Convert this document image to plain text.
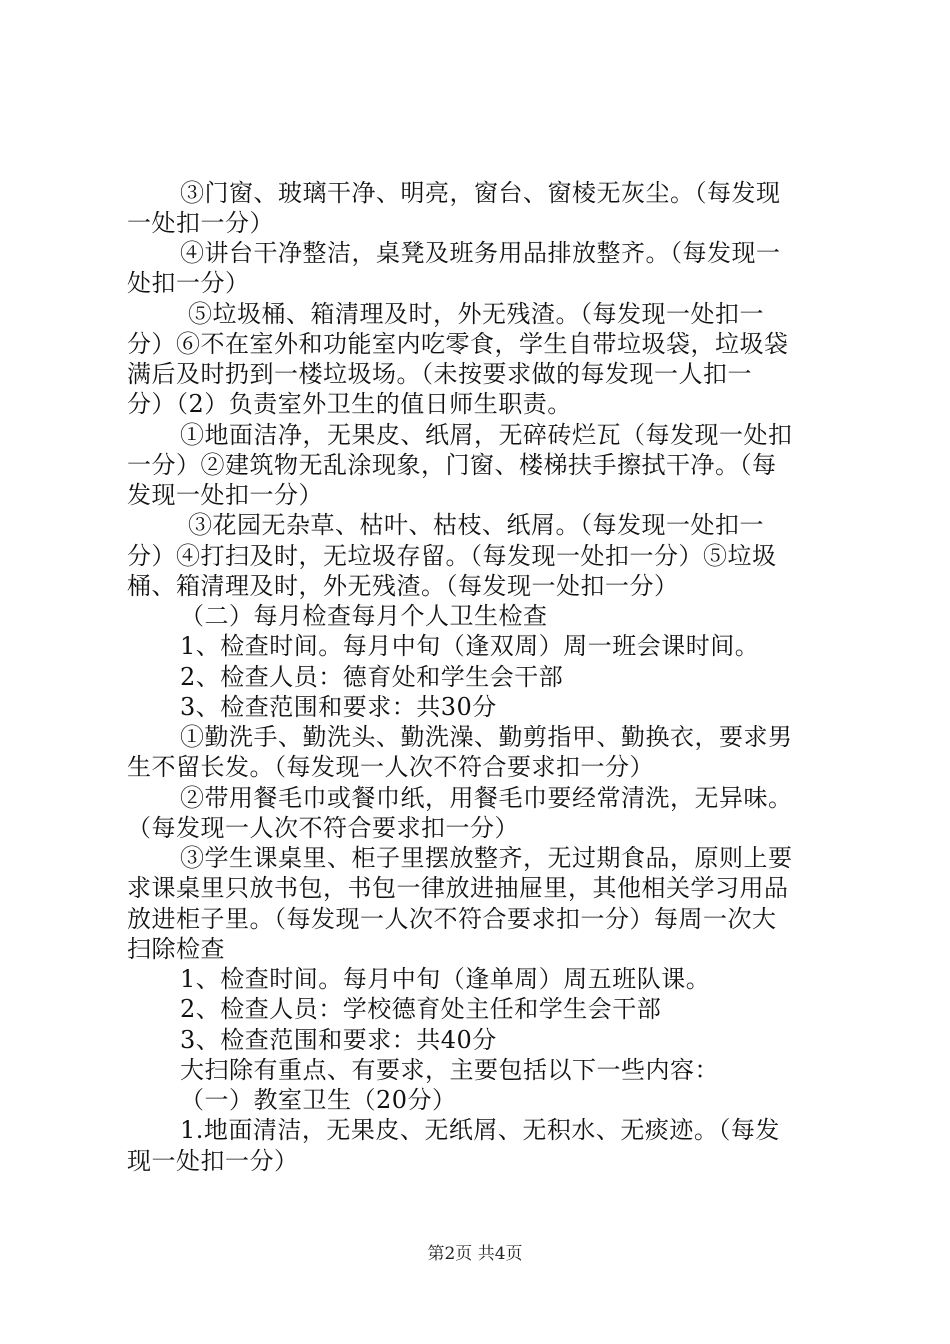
③门窗、玻璃干净、明亮，窗台、窗棱无灰尘。（每发现
一处扣一分）
④讲台干净整洁，桌凳及班务用品排放整齐。（每发现一
处扣一分）
⑤垃圾桶、箱清理及时，外无残渣。（每发现一处扣一
分）⑥不在室外和功能室内吃零食，学生自带垃圾袋，垃圾袋
满后及时扔到一楼垃圾场。（未按要求做的每发现一人扣一
分）（2）负责室外卫生的值日师生职责。
①地面洁净，无果皮、纸屑，无碎砖烂瓦（每发现一处扣
一分）②建筑物无乱涂现象，门窗、楼梯扶手擦拭干净。（每
发现一处扣一分）
③花园无杂草、枯叶、枯枝、纸屑。（每发现一处扣一
分）④打扫及时，无垃圾存留。（每发现一处扣一分）⑤垃圾
桶、箱清理及时，外无残渣。（每发现一处扣一分）
（二）每月检查每月个人卫生检查
1、检查时间。每月中旬（逢双周）周一班会课时间。
2、检查人员：德育处和学生会干部
3、检查范围和要求：共30分
①勤洗手、勤洗头、勤洗澡、勤剪指甲、勤换衣，要求男
生不留长发。（每发现一人次不符合要求扣一分）
②带用餐毛巾或餐巾纸，用餐毛巾要经常清洗，无异味。
（每发现一人次不符合要求扣一分）
③学生课桌里、柜子里摆放整齐，无过期食品，原则上要
求课桌里只放书包，书包一律放进抽屉里，其他相关学习用品
放进柜子里。（每发现一人次不符合要求扣一分）每周一次大
扫除检查
1、检查时间。每月中旬（逢单周）周五班队课。
2、检查人员：学校德育处主任和学生会干部
3、检查范围和要求：共40分
大扫除有重点、有要求，主要包括以下一些内容：
（一）教室卫生（20分）
1.地面清洁，无果皮、无纸屑、无积水、无痰迹。（每发
现一处扣一分）
第2页 共4页
